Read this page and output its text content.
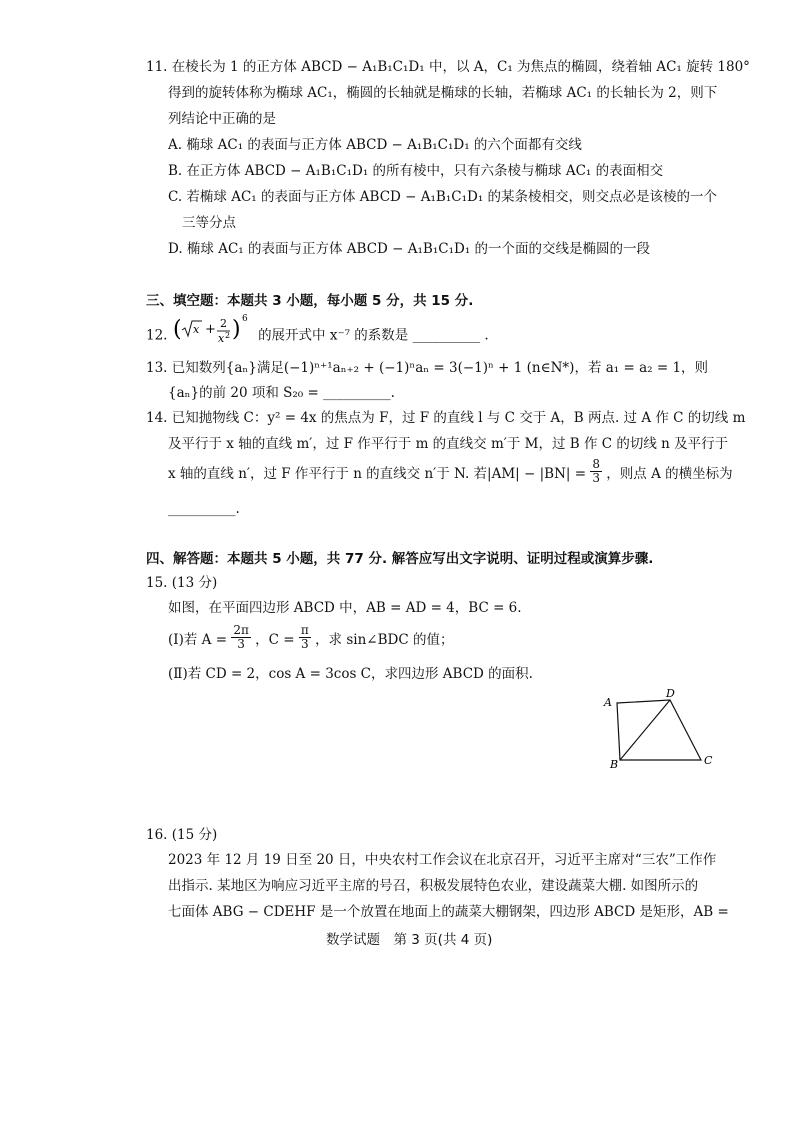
11. 在棱长为 1 的正方体 ABCD − A₁B₁C₁D₁ 中，以 A，C₁ 为焦点的椭圆，绕着轴 AC₁ 旋转 180°
得到的旋转体称为椭球 AC₁，椭圆的长轴就是椭球的长轴，若椭球 AC₁ 的长轴长为 2，则下
列结论中正确的是
A. 椭球 AC₁ 的表面与正方体 ABCD − A₁B₁C₁D₁ 的六个面都有交线
B. 在正方体 ABCD − A₁B₁C₁D₁ 的所有棱中，只有六条棱与椭球 AC₁ 的表面相交
C. 若椭球 AC₁ 的表面与正方体 ABCD − A₁B₁C₁D₁ 的某条棱相交，则交点必是该棱的一个
三等分点
D. 椭球 AC₁ 的表面与正方体 ABCD − A₁B₁C₁D₁ 的一个面的交线是椭圆的一段
三、填空题：本题共 3 小题，每小题 5 分，共 15 分.
12. ( x + 2
x 2 ) 6
的展开式中 x⁻⁷ 的系数是 __________ .
13. 已知数列{aₙ}满足(−1)ⁿ⁺¹aₙ₊₂ + (−1)ⁿaₙ = 3(−1)ⁿ + 1 (n∈N*)，若 a₁ = a₂ = 1，则
{aₙ}的前 20 项和 S₂₀ = __________.
14. 已知抛物线 C：y² = 4x 的焦点为 F，过 F 的直线 l 与 C 交于 A，B 两点. 过 A 作 C 的切线 m
及平行于 x 轴的直线 m′，过 F 作平行于 m 的直线交 m′于 M，过 B 作 C 的切线 n 及平行于
x 轴的直线 n′，过 F 作平行于 n 的直线交 n′于 N. 若$|AM| - |BN| = \frac{8}{3}$ ，则点 A 的横坐标为
__________.
四、解答题：本题共 5 小题，共 77 分. 解答应写出文字说明、证明过程或演算步骤.
15. (13 分)
如图，在平面四边形 ABCD 中，AB = AD = 4，BC = 6.
(Ⅰ)若 $A = \frac{2\pi}{3}$ ，$C = \frac{\pi}{3}$ ，求 sin∠BDC 的值；
(Ⅱ)若 CD = 2，cos A = 3cos C，求四边形 ABCD 的面积.
A
D
B	C
16. (15 分)
2023 年 12 月 19 日至 20 日，中央农村工作会议在北京召开，习近平主席对“三农”工作作
出指示. 某地区为响应习近平主席的号召，积极发展特色农业，建设蔬菜大棚. 如图所示的
七面体 ABG − CDEHF 是一个放置在地面上的蔬菜大棚钢架，四边形 ABCD 是矩形，AB =
数学试题　第 3 页(共 4 页)
